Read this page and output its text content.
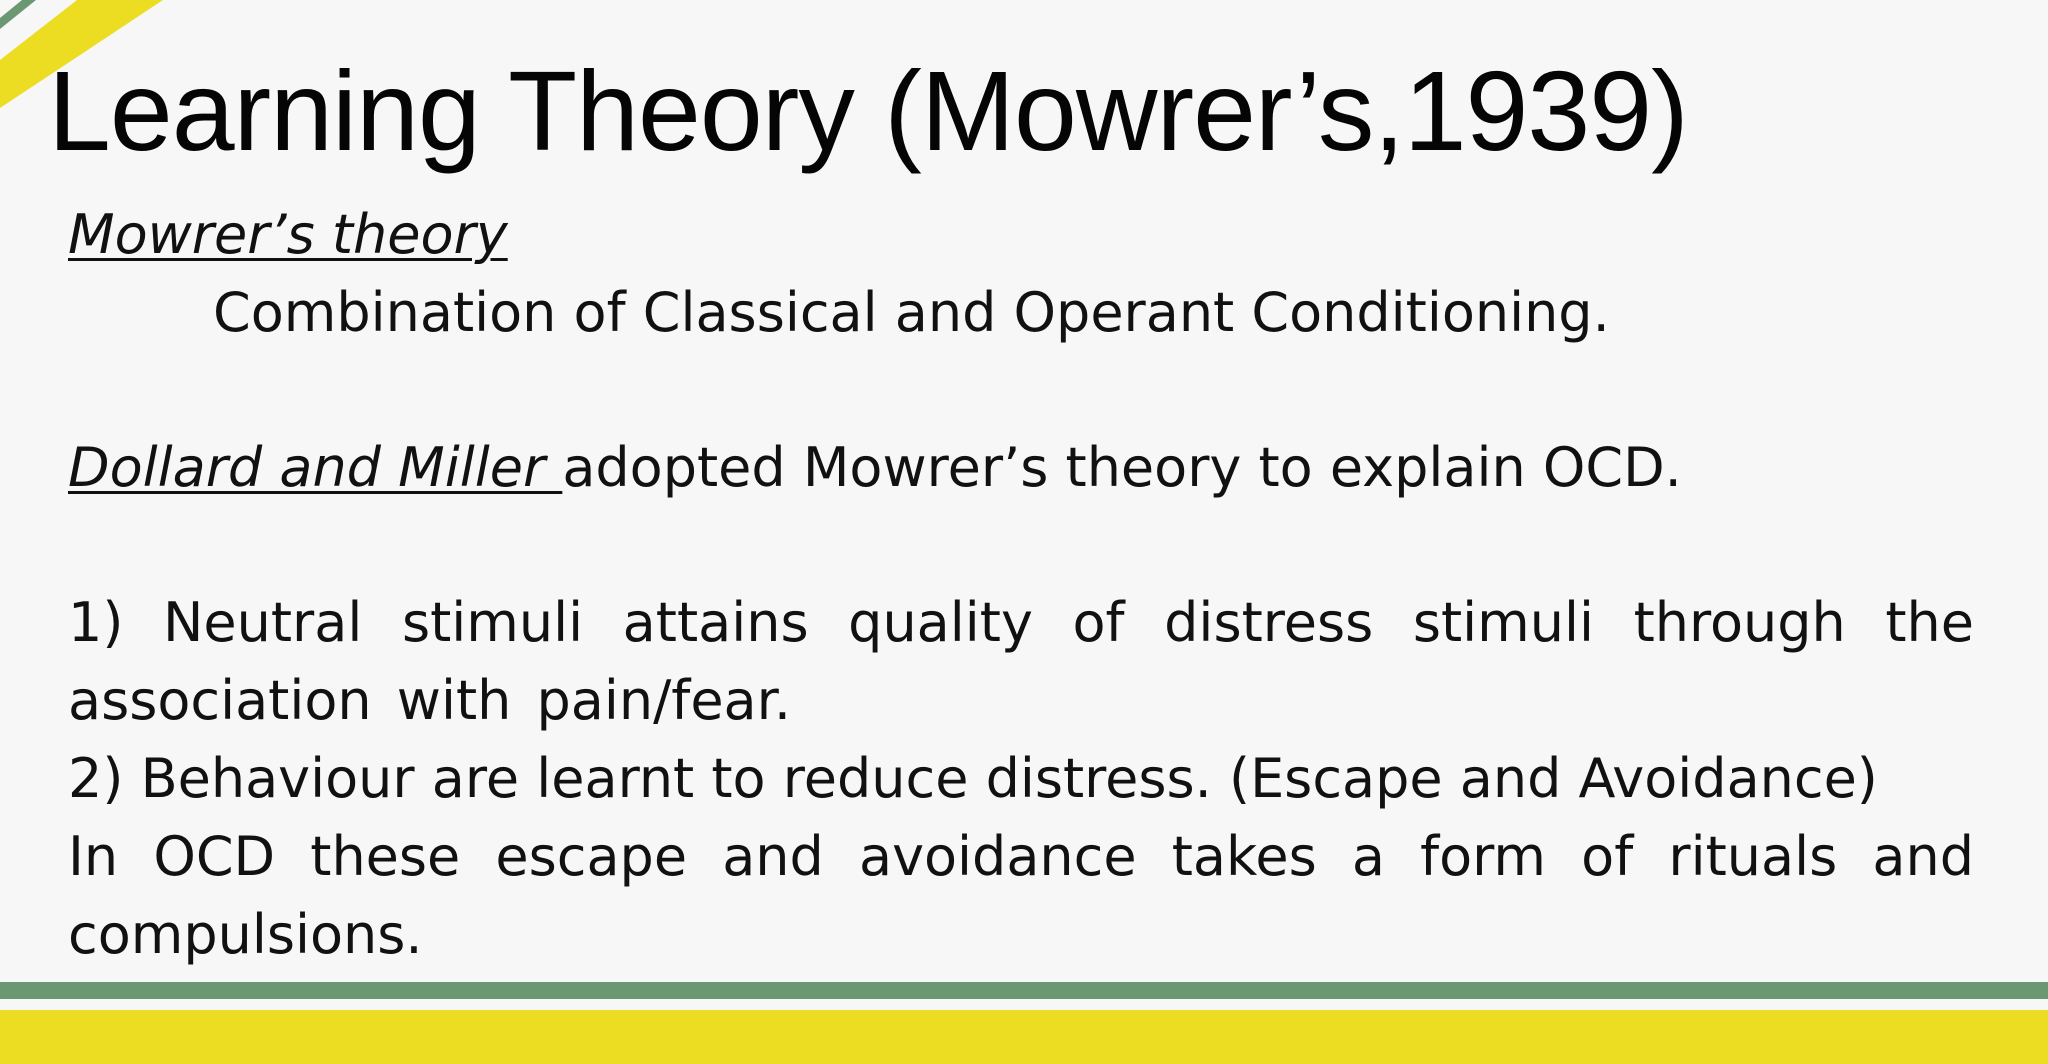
Learning Theory (Mowrer’s,1939)

Mowrer’s theory

Combination of Classical and Operant Conditioning.

Dollard and Miller adopted Mowrer’s theory to explain OCD.

1) Neutral stimuli attains quality of distress stimuli through the association with pain/fear.

2) Behaviour are learnt to reduce distress. (Escape and Avoidance)

In OCD these escape and avoidance takes a form of rituals and compulsions.
